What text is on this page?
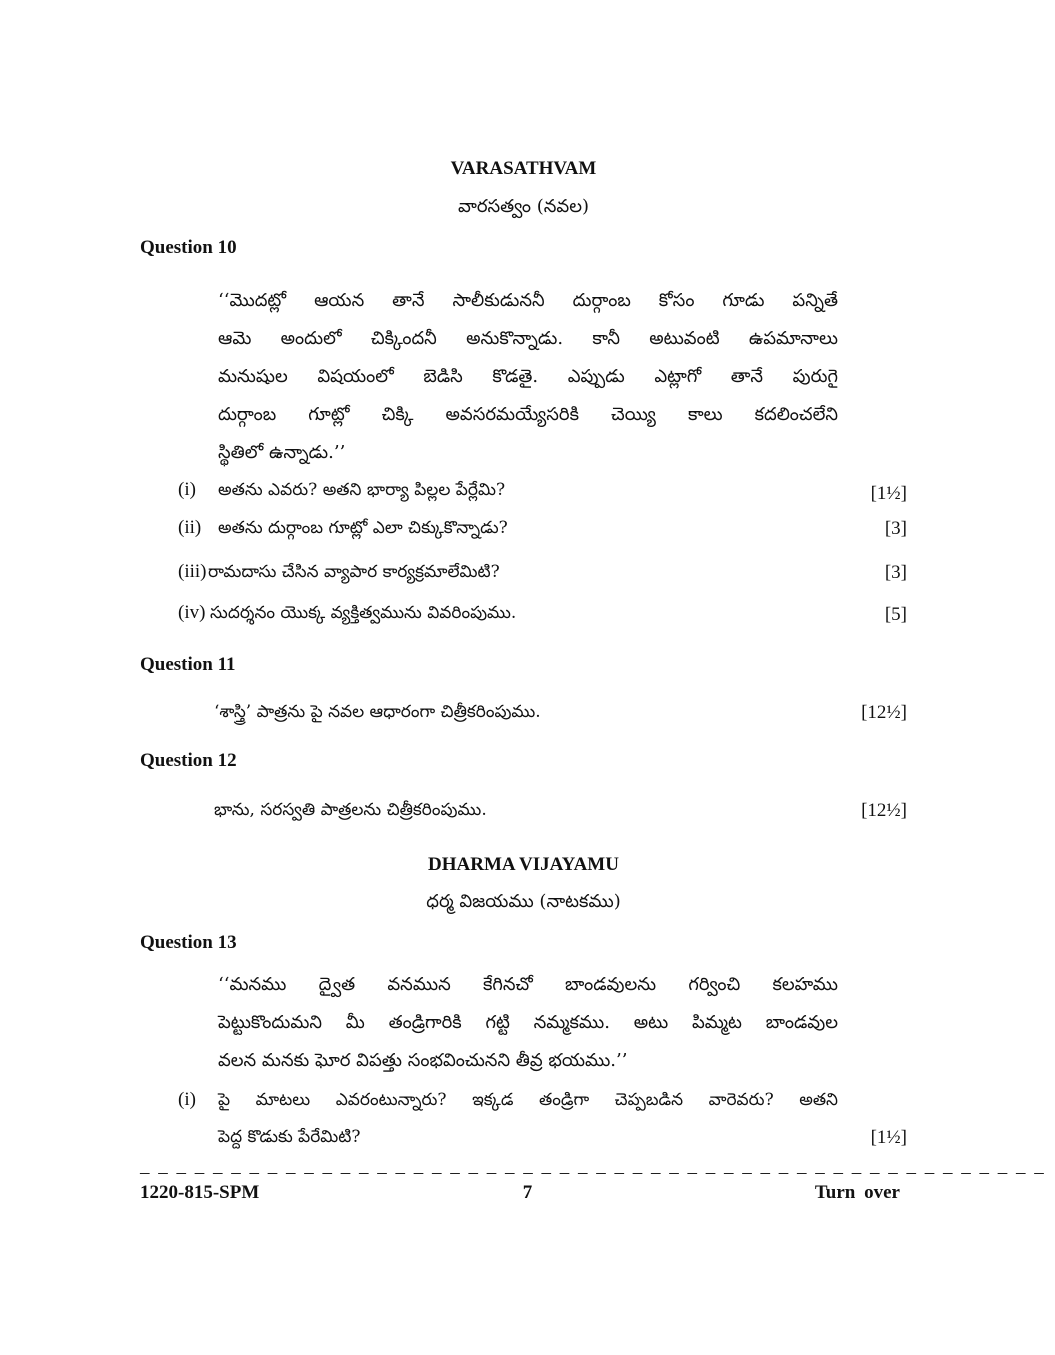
VARASATHVAM
వారసత్వం (నవల)
Question 10
‘‘మొదట్లో ఆయన తానే సాలీకుడుననీ దుర్గాంబ కోసం గూడు పన్నితే
ఆమె అందులో చిక్కిందనీ అనుకొన్నాడు. కానీ అటువంటి ఉపమానాలు
మనుషుల విషయంలో బెడిసి కొడతై. ఎప్పుడు ఎట్లాగో తానే పురుగై
దుర్గాంబ గూట్లో చిక్కి అవసరమయ్యేసరికి చెయ్యి కాలు కదలించలేని
స్థితిలో ఉన్నాడు.’’
(i) అతను ఎవరు? అతని భార్యా పిల్లల పేర్లేమి?	[1½]
(ii) అతను దుర్గాంబ గూట్లో ఎలా చిక్కుకొన్నాడు?	[3]
(iii) రామదాసు చేసిన వ్యాపార కార్యక్రమాలేమిటి?	[3]
(iv) సుదర్శనం యొక్క వ్యక్తిత్వమును వివరింపుము.	[5]
Question 11
‘శాస్త్రి’ పాత్రను పై నవల ఆధారంగా చిత్రీకరింపుము.	[12½]
Question 12
భాను, సరస్వతి పాత్రలను చిత్రీకరింపుము.	[12½]
DHARMA VIJAYAMU
ధర్మ విజయము (నాటకము)
Question 13
‘‘మనము ద్వైత వనమున కేగినచో బాండవులను గర్వించి కలహము
పెట్టుకొందుమని మీ తండ్రిగారికి గట్టి నమ్మకము. అటు పిమ్మట బాండవుల
వలన మనకు ఘోర విపత్తు సంభవించునని తీవ్ర భయము.’’
(i) పై మాటలు ఎవరంటున్నారు? ఇక్కడ తండ్రిగా చెప్పబడిన వారెవరు? అతని
పెద్ద కొడుకు పేరేమిటి?	[1½]
– – – – – – – – – – – – – – – – – – – – – – – – – – – – – – – – – – – – – – – – – – – – – – – – – –
1220-815-SPM	7	Turn over
